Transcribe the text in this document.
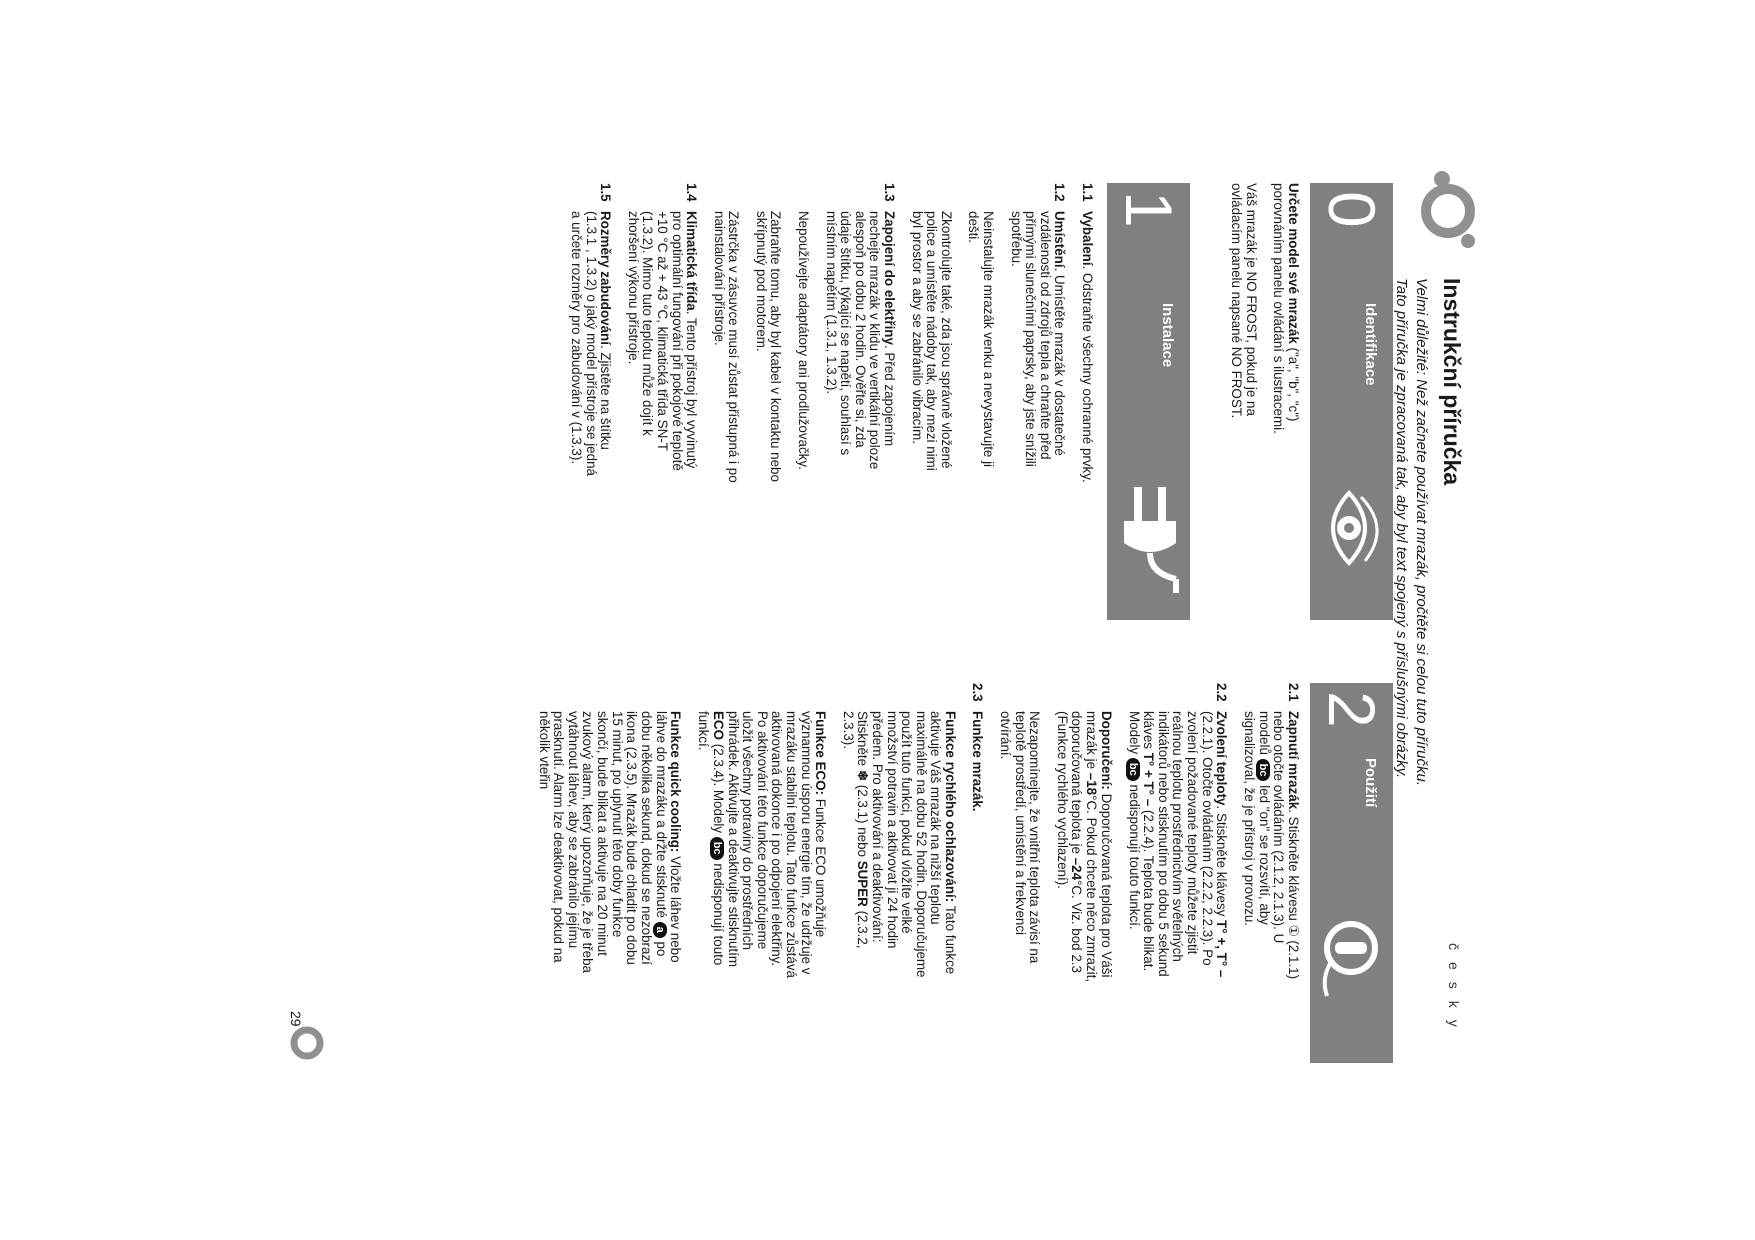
Instrukční příručka
Velmi důležité: Než začnete používat mrazák, pročtěte si celou tuto příručku.
Tato příručka je zpracovaná tak, aby byl text spojený s příslušnými obrázky.
česky
0
Identifikace
1
Instalace
2
Použití

Určete model své mrazák ("a", "b", "c") porovnáním panelu ovládání s ilustracemi.

Váš mrazák je NO FROST, pokud je na ovládacím panelu napsané NO FROST.

1.1
Vybalení. Odstraňte všechny ochranné prvky.
1.2
Umístění. Umístěte mrazák v dostatečné vzdálenosti od zdrojů tepla a chraňte před přímými slunečními paprsky, aby jste snížili spotřebu.

Neinstalujte mrazák venku a nevystavujte ji dešti.

Zkontrolujte také, zda jsou správně vložené police a umístěte nádoby tak, aby mezi nimi byl prostor a aby se zabránilo vibracím.

1.3
Zapojení do elektřiny. Před zapojením nechejte mrazák v klidu ve vertikální poloze alespoň po dobu 2 hodin. Ověřte si, zda údaje štítku, týkající se napětí, souhlasí s místním napětím (1.3.1, 1.3.2).

Nepoužívejte adaptátory ani prodlužovačky.

Zabraňte tomu, aby byl kabel v kontaktu nebo skřípnutý pod motorem.

Zástrčka v zásuvce musí zůstat přístupná i po nainstalování přístroje.

1.4
Klimatická třída. Tento přístroj byl vyvinutý pro optimální fungování při pokojové teplotě +10 °C až + 43 °C, klimatická třída SN-T (1.3.2). Mimo tuto teplotu může dojít k zhoršení výkonu přístroje.
1.5
Rozměry zabudování. Zjistěte na štítku (1.3.1 , 1.3.2) o jaký model přístroje se jedná a určete rozměry pro zabudování v (1.3.3).
2.1
Zapnutí mrazák. Stiskněte klávesu ① (2.1.1) nebo otočte ovládáním (2.1.2, 2.1.3). U modelů bc led "on" se rozsvítí, aby signalizoval, že je přístroj v provozu.
2.2
Zvolení teploty. Stiskněte klávesy T° +, T° – (2.2.1). Otočte ovládáním (2.2.2, 2.2.3). Po zvolení požadované teploty můžete zjistit reálnou teplotu prostřednictvím světelných indikátorů nebo stisknutím po dobu 5 sekund kláves T° + T° – (2.2.4). Teplota bude blikat. Modely bc nedisponují touto funkcí.

Doporučení: Doporučovaná teplota pro Váši mrazák je –18°C. Pokud chcete něco zmrazit, doporučovaná teplota je –24°C. Viz. bod 2.3 (Funkce rychlého vychlazení).

Nezapomínejte, že vnitřní teplota závisí na teplotě prostředí, umístění a frekvenci otvírání.

2.3
Funkce mrazák.

Funkce rychlého ochlazování: Tato funkce aktivuje Váš mrazák na nižší teplotu maximálně na dobu 52 hodin. Doporučujeme použít tuto funkci, pokud vložíte velké množství potravin a aktivovat ji 24 hodin předem. Pro aktivování a deaktivování: Stiskněte ❄ (2.3.1) nebo SUPER (2.3.2, 2.3.3).

Funkce ECO: Funkce ECO umožňuje významnou úsporu energie tím, že udržuje v mrazáku stabilní teplotu. Tato funkce zůstává aktivovaná dokonce i po odpojení elektřiny. Po aktivování této funkce doporučujeme uložit všechny potraviny do prostředních přihrádek. Aktivujte a deaktivujte stisknutím ECO (2.3.4). Modely bc nedisponují touto funkcí.

Funkce quick cooling: Vložte láhev nebo láhve do mrazáku a držte stisknuté a po dobu několika sekund, dokud se nezobrazí ikona (2.3.5). Mrazák bude chladit po dobu 15 minut, po uplynutí této doby funkce skončí, bude blikat a aktivuje na 20 minut zvukový alarm, který upozorňuje, že je třeba vytáhnout láhev, aby se zabránilo jejímu prasknutí. Alarm lze deaktivovat, pokud na několik vteřin

29
